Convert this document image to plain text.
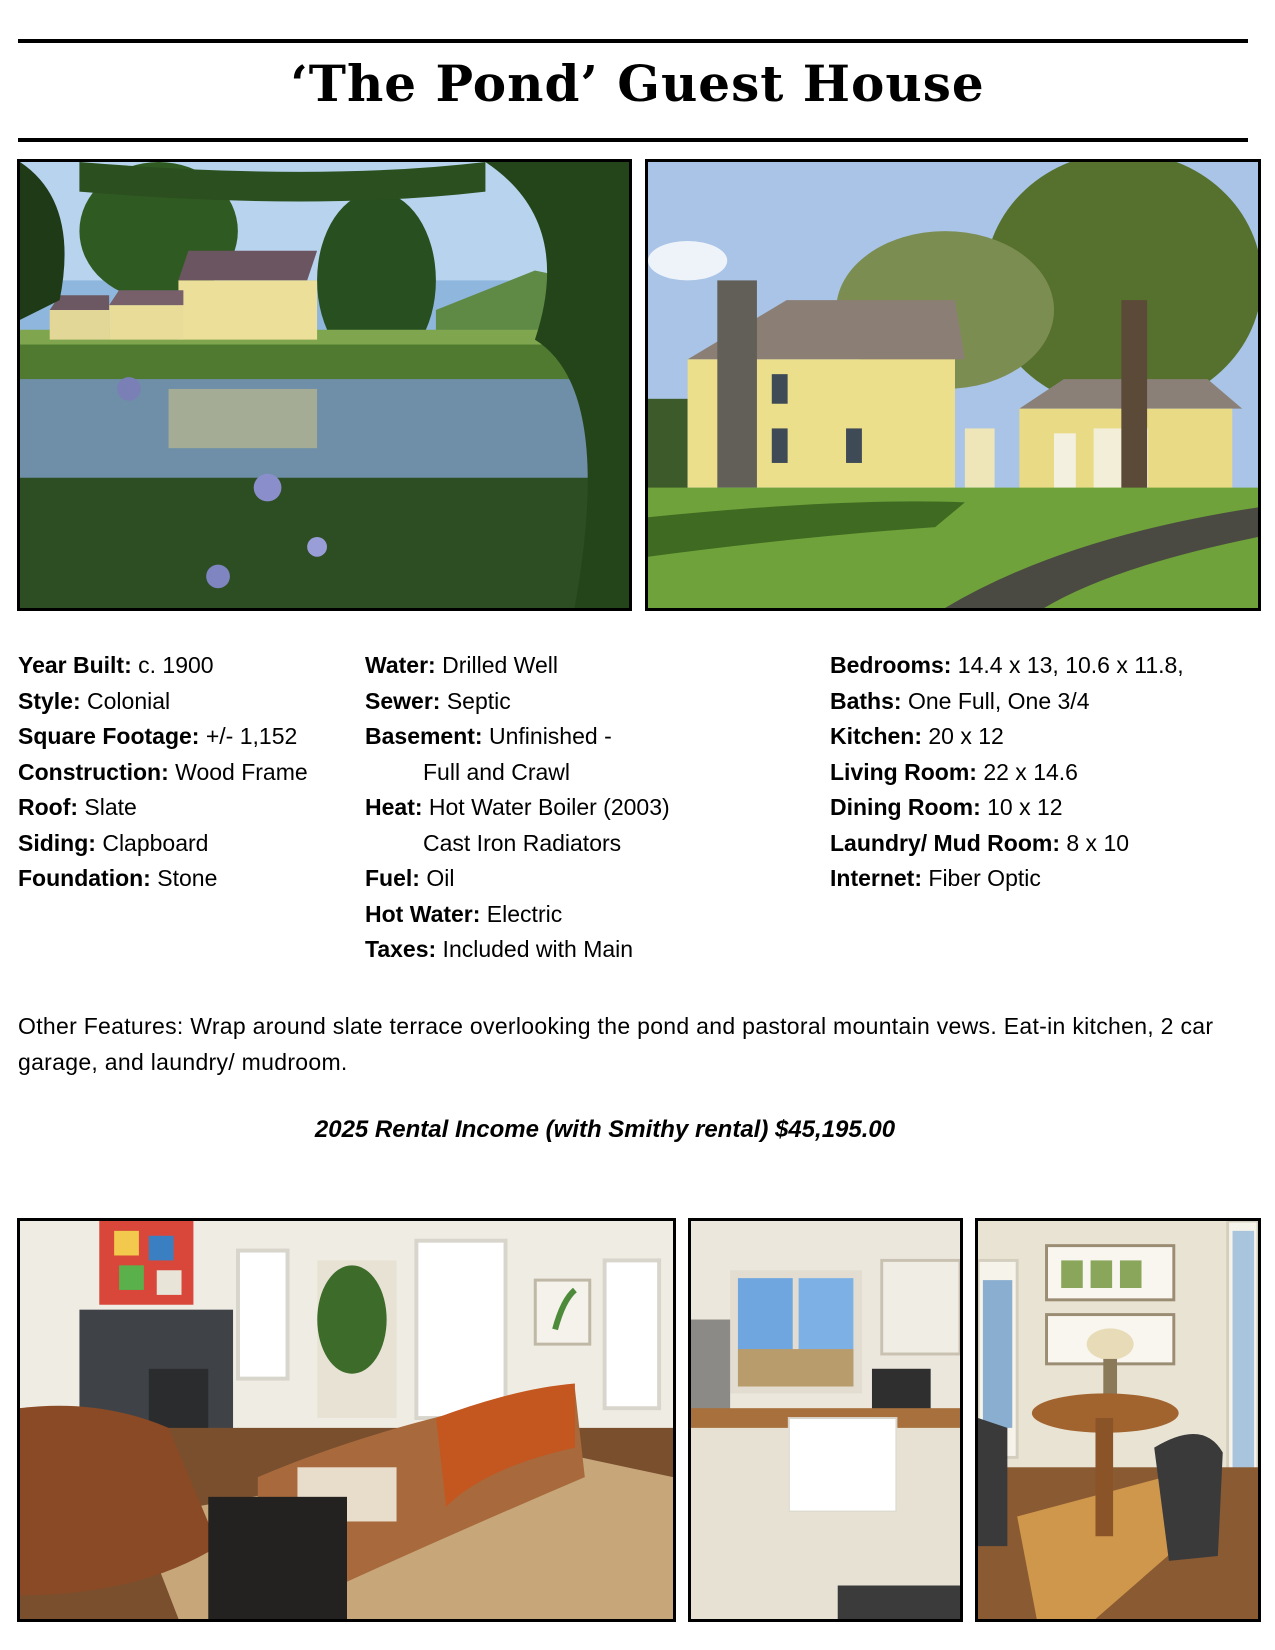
‘The Pond’ Guest House
Year Built: c. 1900
Style: Colonial
Square Footage: +/- 1,152
Construction: Wood Frame
Roof: Slate
Siding: Clapboard
Foundation: Stone
Water: Drilled Well
Sewer: Septic
Basement: Unfinished -
Full and Crawl
Heat: Hot Water Boiler (2003)
Cast Iron Radiators
Fuel: Oil
Hot Water: Electric
Taxes: Included with Main
Bedrooms: 14.4 x 13, 10.6 x 11.8,
Baths: One Full, One 3/4
Kitchen: 20 x 12
Living Room: 22 x 14.6
Dining Room: 10 x 12
Laundry/ Mud Room: 8 x 10
Internet: Fiber Optic
Other Features: Wrap around slate terrace overlooking the pond and pastoral mountain vews. Eat-in kitchen, 2 car garage, and laundry/ mudroom.
2025 Rental Income (with Smithy rental) $45,195.00
